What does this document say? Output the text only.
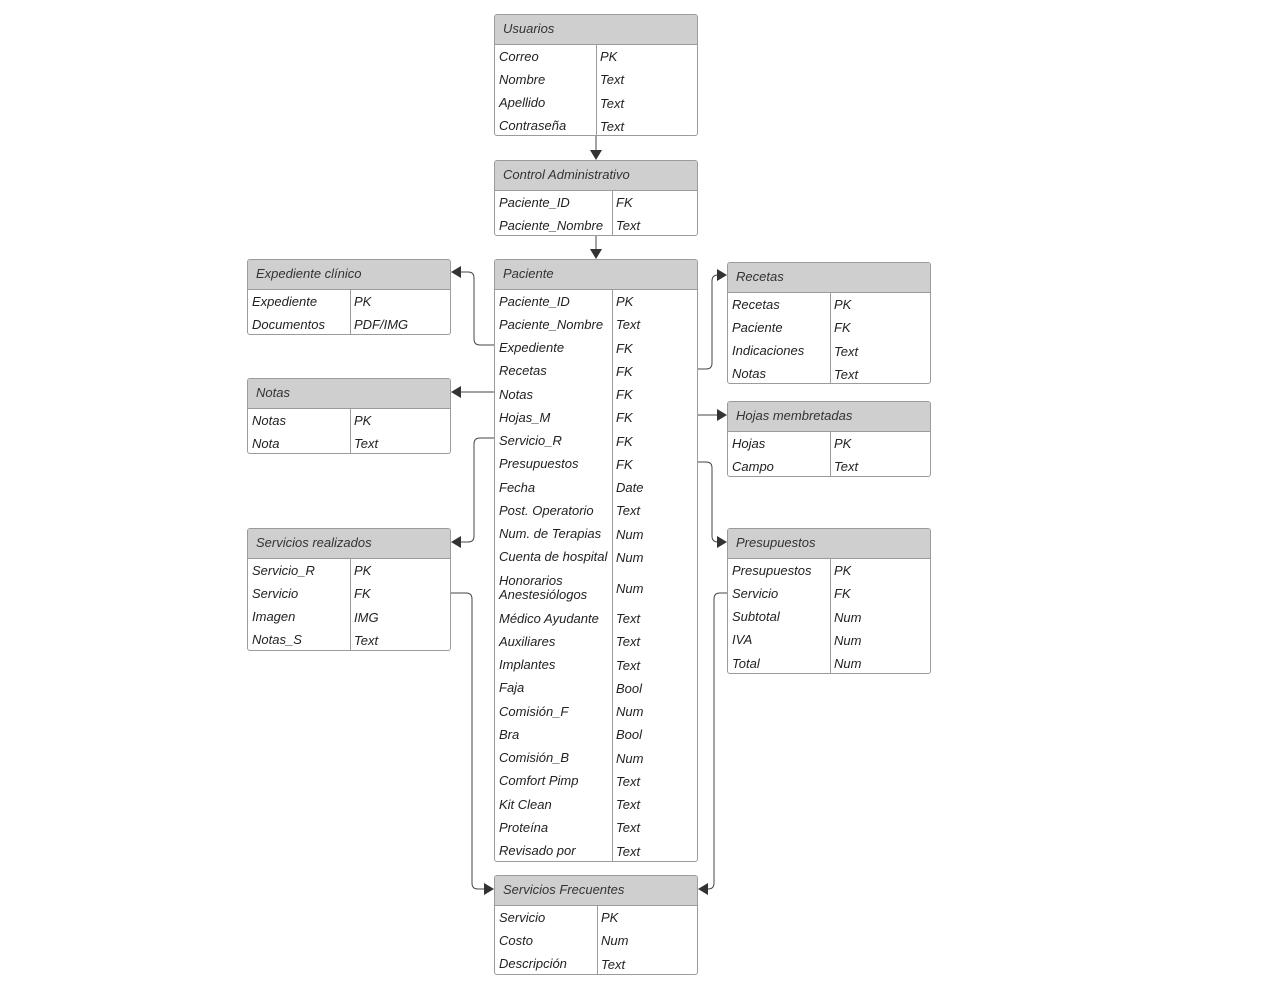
Usuarios
Correo	PK
Nombre	Text
Apellido	Text
Contraseña	Text
Control Administrativo
Paciente_ID	FK
Paciente_Nombre Text
Expediente clínico
Expediente	PK
Documentos	PDF/IMG
Notas
Notas	PK
Nota	Text
Servicios realizados
Servicio_R	PK
Servicio	FK
Imagen	IMG
Notas_S	Text
Paciente
Paciente_ID	PK
Paciente_Nombre Text
Expediente	FK
Recetas	FK
Notas	FK
Hojas_M	FK
Servicio_R	FK
Presupuestos	FK
Fecha	Date
Post. Operatorio	Text
Num. de Terapias	Num
Cuenta de hospital Num
Honorarios Anestesiólogos	Num
Médico Ayudante	Text
Auxiliares	Text
Implantes	Text
Faja	Bool
Comisión_F	Num
Bra	Bool
Comisión_B	Num
Comfort Pimp	Text
Kit Clean	Text
Proteína	Text
Revisado por	Text
Recetas
Recetas	PK
Paciente	FK
Indicaciones	Text
Notas	Text
Hojas membretadas
Hojas	PK
Campo	Text
Presupuestos
Presupuestos	PK
Servicio	FK
Subtotal	Num
IVA	Num
Total	Num
Servicios Frecuentes
Servicio	PK
Costo	Num
Descripción	Text
